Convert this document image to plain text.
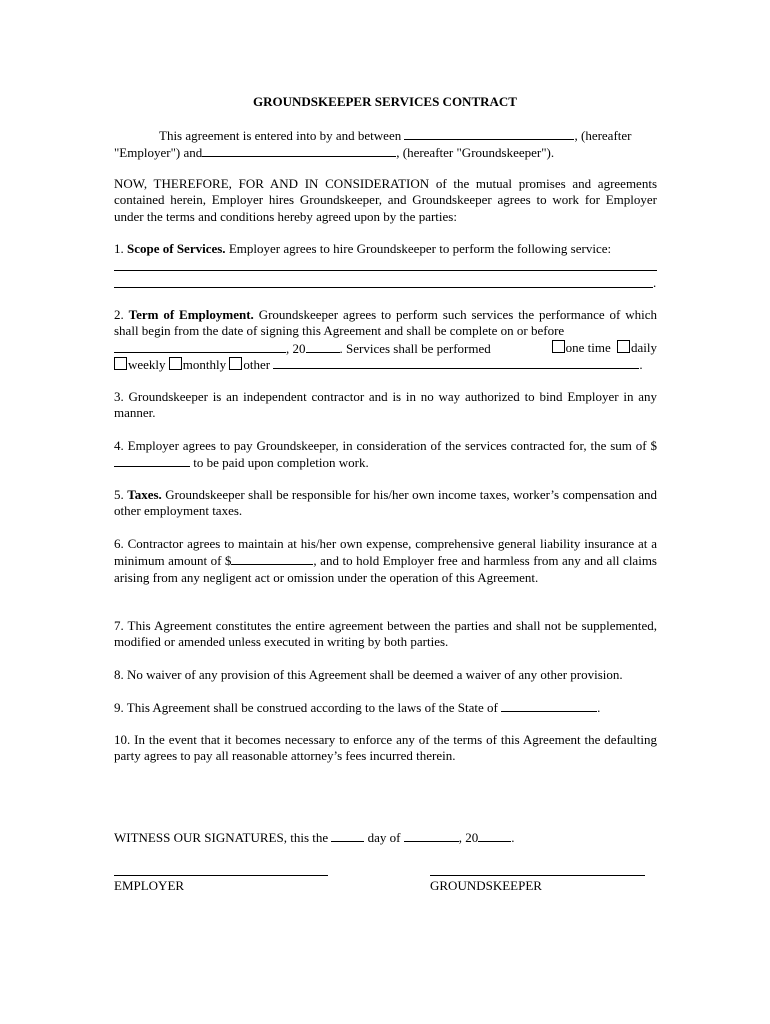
GROUNDSKEEPER SERVICES CONTRACT
This agreement is entered into by and between	, (hereafter
"Employer") and	, (hereafter "Groundskeeper").
NOW, THEREFORE, FOR AND IN CONSIDERATION of the mutual promises and agreements contained herein, Employer hires Groundskeeper, and Groundskeeper agrees to work for Employer under the terms and conditions hereby agreed upon by the parties:
1. Scope of Services. Employer agrees to hire Groundskeeper to perform the following service:
.
2. Term of Employment. Groundskeeper agrees to perform such services the performance of which shall begin from the date of signing this Agreement and shall be complete on or before
, 20	. Services shall be performed	one time daily
weekly monthly other	.
3. Groundskeeper is an independent contractor and is in no way authorized to bind Employer in any manner.
4. Employer agrees to pay Groundskeeper, in consideration of the services contracted for, the sum of $  to be paid upon completion work.
5. Taxes. Groundskeeper shall be responsible for his/her own income taxes, worker’s compensation and other employment taxes.
6. Contractor agrees to maintain at his/her own expense, comprehensive general liability insurance at a minimum amount of $	, and to hold Employer free and harmless from any and all claims arising from any negligent act or omission under the operation of this Agreement.
7. This Agreement constitutes the entire agreement between the parties and shall not be supplemented, modified or amended unless executed in writing by both parties.
8. No waiver of any provision of this Agreement shall be deemed a waiver of any other provision.
9. This Agreement shall be construed according to the laws of the State of	.
10. In the event that it becomes necessary to enforce any of the terms of this Agreement the defaulting party agrees to pay all reasonable attorney’s fees incurred therein.
WITNESS OUR SIGNATURES, this the	day of	, 20	.
EMPLOYER	GROUNDSKEEPER
